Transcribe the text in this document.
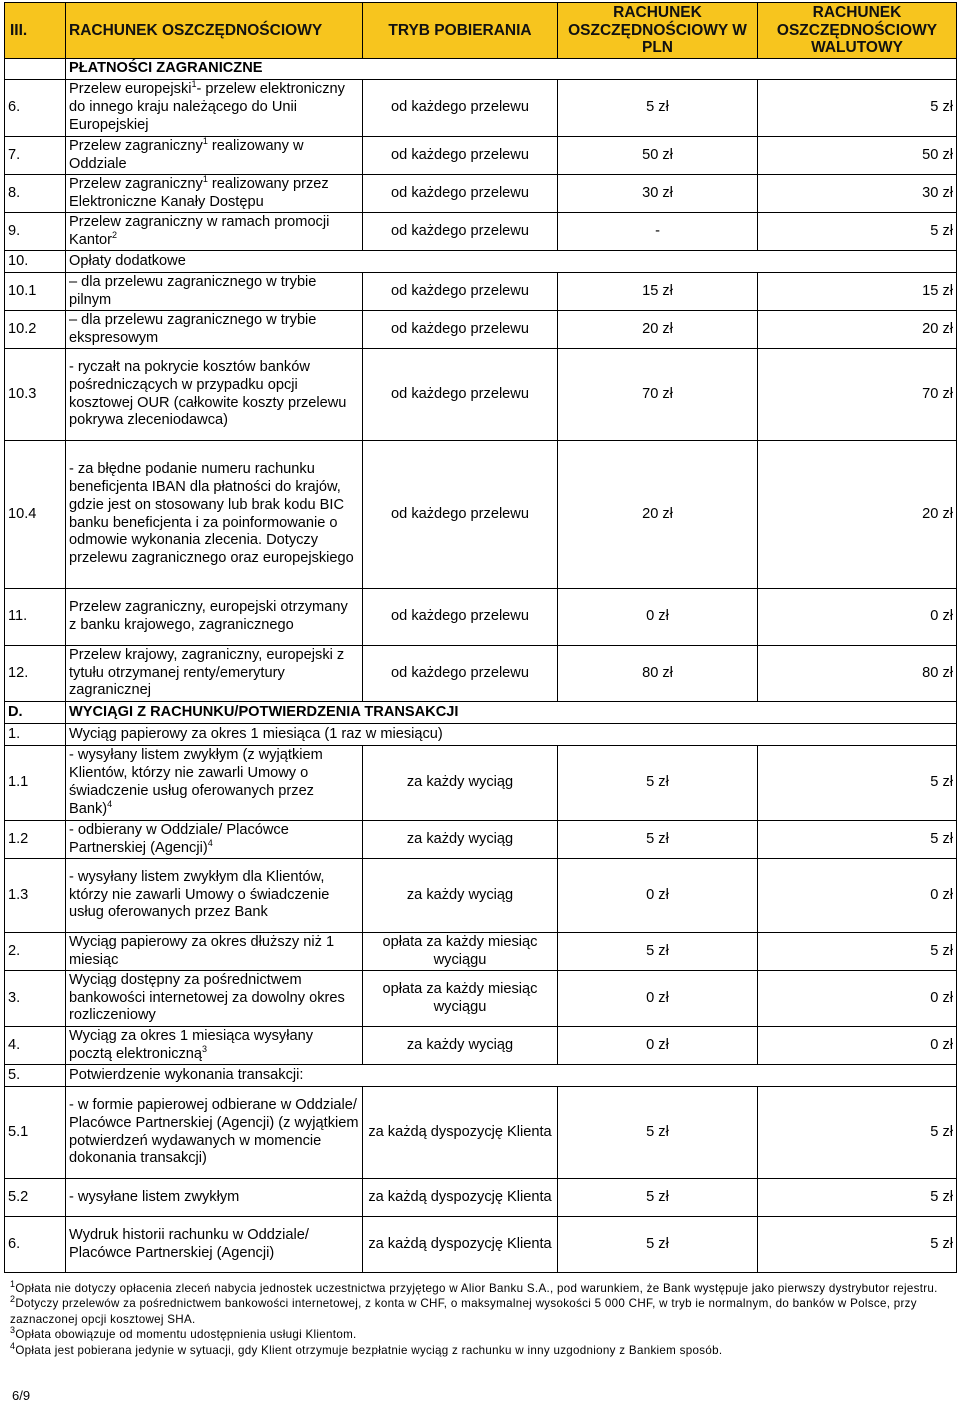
III.	RACHUNEK OSZCZĘDNOŚCIOWY	TRYB POBIERANIA	RACHUNEK OSZCZĘDNOŚCIOWY W PLN	RACHUNEK OSZCZĘDNOŚCIOWY WALUTOWY
	PŁATNOŚCI ZAGRANICZNE			
6.	Przelew europejski$^1$- przelew elektroniczny do innego kraju należącego do Unii Europejskiej	od każdego przelewu	5 zł	5 zł
7.	Przelew zagraniczny$^1$ realizowany w Oddziale	od każdego przelewu	50 zł	50 zł
8.	Przelew zagraniczny$^1$ realizowany przez Elektroniczne Kanały Dostępu	od każdego przelewu	30 zł	30 zł
9.	Przelew zagraniczny w ramach promocji Kantor$^2$	od każdego przelewu	-	5 zł
10.	Opłaty dodatkowe			
10.1	– dla przelewu zagranicznego w trybie pilnym	od każdego przelewu	15 zł	15 zł
10.2	– dla przelewu zagranicznego w trybie ekspresowym	od każdego przelewu	20 zł	20 zł
10.3	- ryczałt na pokrycie kosztów banków pośredniczących w przypadku opcji kosztowej OUR (całkowite koszty przelewu pokrywa zleceniodawca)	od każdego przelewu	70 zł	70 zł
10.4	- za błędne podanie numeru rachunku beneficjenta IBAN dla płatności do krajów, gdzie jest on stosowany lub brak kodu BIC banku beneficjenta i za poinformowanie o odmowie wykonania zlecenia. Dotyczy przelewu zagranicznego oraz europejskiego	od każdego przelewu	20 zł	20 zł
11.	Przelew zagraniczny, europejski otrzymany z banku krajowego, zagranicznego	od każdego przelewu	0 zł	0 zł
12.	Przelew krajowy, zagraniczny, europejski z tytułu otrzymanej renty/emerytury zagranicznej	od każdego przelewu	80 zł	80 zł
D.	WYCIĄGI Z RACHUNKU/POTWIERDZENIA TRANSAKCJI			
1.	Wyciąg papierowy za okres 1 miesiąca (1 raz w miesiącu)			
1.1	- wysyłany listem zwykłym (z wyjątkiem Klientów, którzy nie zawarli Umowy o świadczenie usług oferowanych przez Bank)$^4$	za każdy wyciąg	5 zł	5 zł
1.2	- odbierany w Oddziale/ Placówce Partnerskiej (Agencji)$^4$	za każdy wyciąg	5 zł	5 zł
1.3	- wysyłany listem zwykłym dla Klientów, którzy nie zawarli Umowy o świadczenie usług oferowanych przez Bank	za każdy wyciąg	0 zł	0 zł
2.	Wyciąg papierowy za okres dłuższy niż 1 miesiąc	opłata za każdy miesiąc wyciągu	5 zł	5 zł
3.	Wyciąg dostępny za pośrednictwem bankowości internetowej za dowolny okres rozliczeniowy	opłata za każdy miesiąc wyciągu	0 zł	0 zł
4.	Wyciąg za okres 1 miesiąca wysyłany pocztą elektroniczną$^3$	za każdy wyciąg	0 zł	0 zł
5.	Potwierdzenie wykonania transakcji:			
5.1	- w formie papierowej odbierane w Oddziale/ Placówce Partnerskiej (Agencji) (z wyjątkiem potwierdzeń wydawanych w momencie dokonania transakcji)	za każdą dyspozycję Klienta	5 zł	5 zł
5.2	- wysyłane listem zwykłym	za każdą dyspozycję Klienta	5 zł	5 zł
6.	Wydruk historii rachunku w Oddziale/ Placówce Partnerskiej (Agencji)	za każdą dyspozycję Klienta	5 zł	5 zł

$^1$Opłata nie dotyczy opłacenia zleceń nabycia jednostek uczestnictwa przyjętego w Alior Banku S.A., pod warunkiem, że Bank występuje jako pierwszy dystrybutor rejestru.

$^2$Dotyczy przelewów za pośrednictwem bankowości internetowej, z konta w CHF, o maksymalnej wysokości 5 000 CHF, w tryb ie normalnym, do banków w Polsce, przy zaznaczonej opcji kosztowej SHA.

$^3$Opłata obowiązuje od momentu udostępnienia usługi Klientom.

$^4$Opłata jest pobierana jedynie w sytuacji, gdy Klient otrzymuje bezpłatnie wyciąg z rachunku w inny uzgodniony z Bankiem sposób.

6/9
